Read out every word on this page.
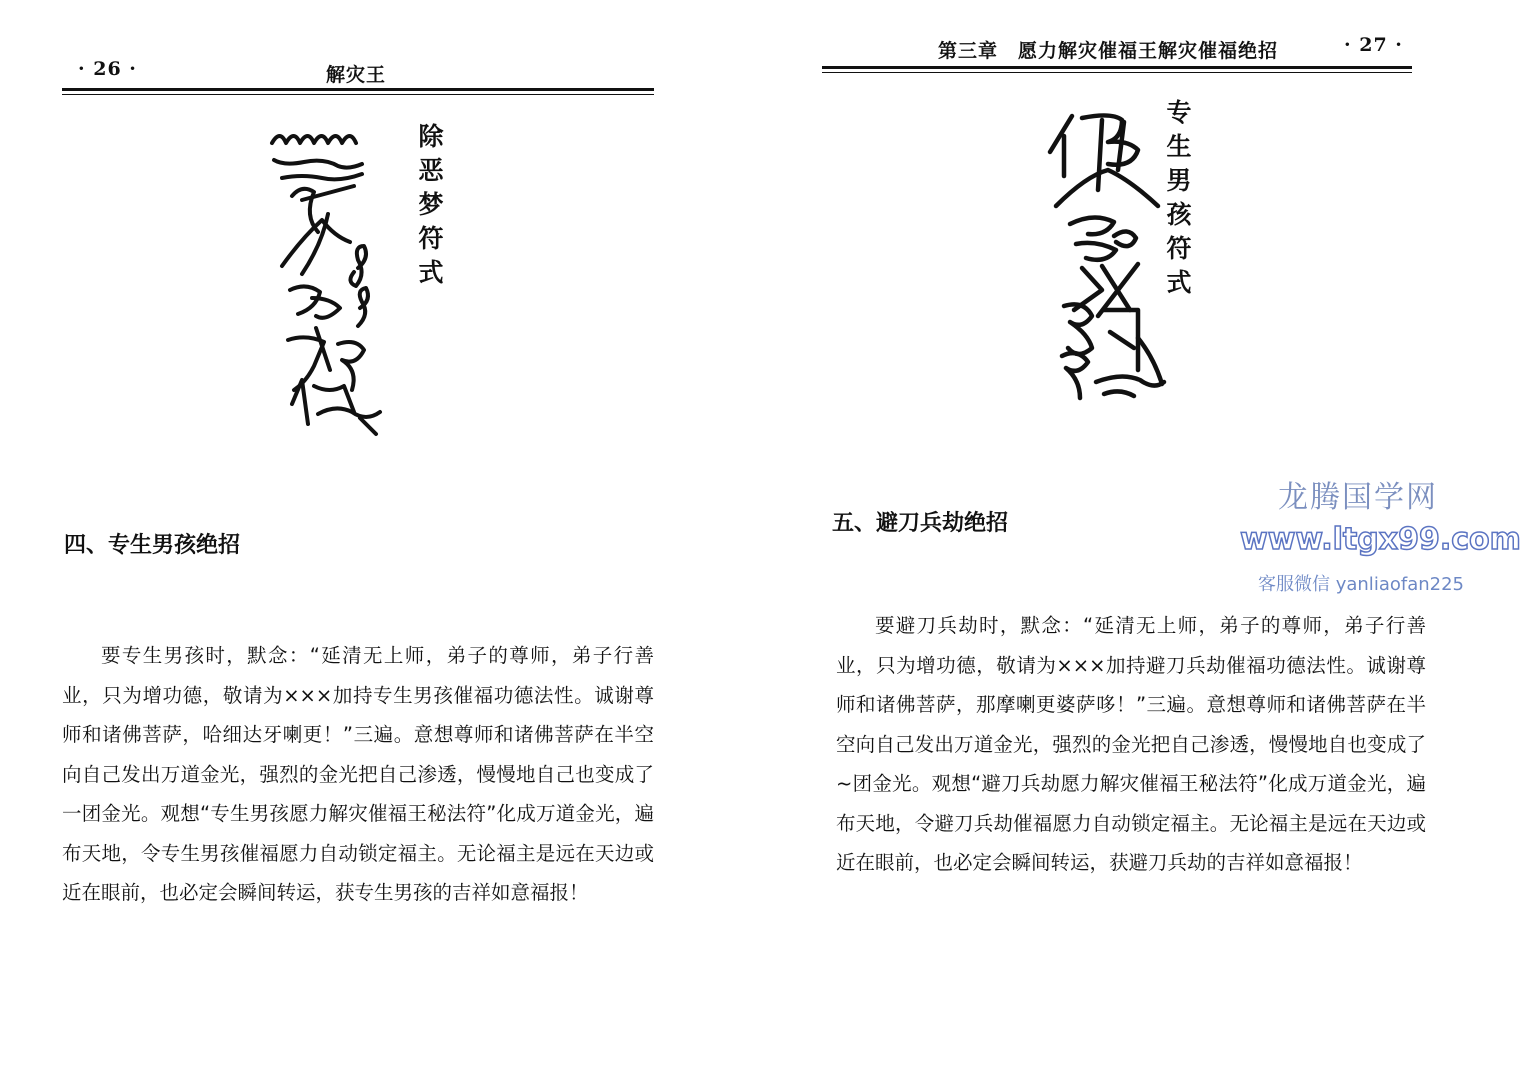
· 26 ·	解灾王
除
恶
梦
符
式
四、专生男孩绝招
要专生男孩时，默念：“延清无上师，弟子的尊师，弟子行善业，只为增功德，敬请为×××加持专生男孩催福功德法性。诚谢尊师和诸佛菩萨，哈细达牙喇更！”三遍。意想尊师和诸佛菩萨在半空向自己发出万道金光，强烈的金光把自己渗透，慢慢地自己也变成了一团金光。观想“专生男孩愿力解灾催福王秘法符”化成万道金光，遍布天地，令专生男孩催福愿力自动锁定福主。无论福主是远在天边或近在眼前，也必定会瞬间转运，获专生男孩的吉祥如意福报！
第三章　愿力解灾催福王解灾催福绝招	· 27 ·
专
生
男
孩
符
式
五、避刀兵劫绝招
要避刀兵劫时，默念：“延清无上师，弟子的尊师，弟子行善业，只为增功德，敬请为×××加持避刀兵劫催福功德法性。诚谢尊师和诸佛菩萨，那摩喇更婆萨哆！”三遍。意想尊师和诸佛菩萨在半空向自己发出万道金光，强烈的金光把自己渗透，慢慢地自也变成了~团金光。观想“避刀兵劫愿力解灾催福王秘法符”化成万道金光，遍布天地，令避刀兵劫催福愿力自动锁定福主。无论福主是远在天边或近在眼前，也必定会瞬间转运，获避刀兵劫的吉祥如意福报！
龙腾国学网
www.ltgx99.com
客服微信 yanliaofan225
